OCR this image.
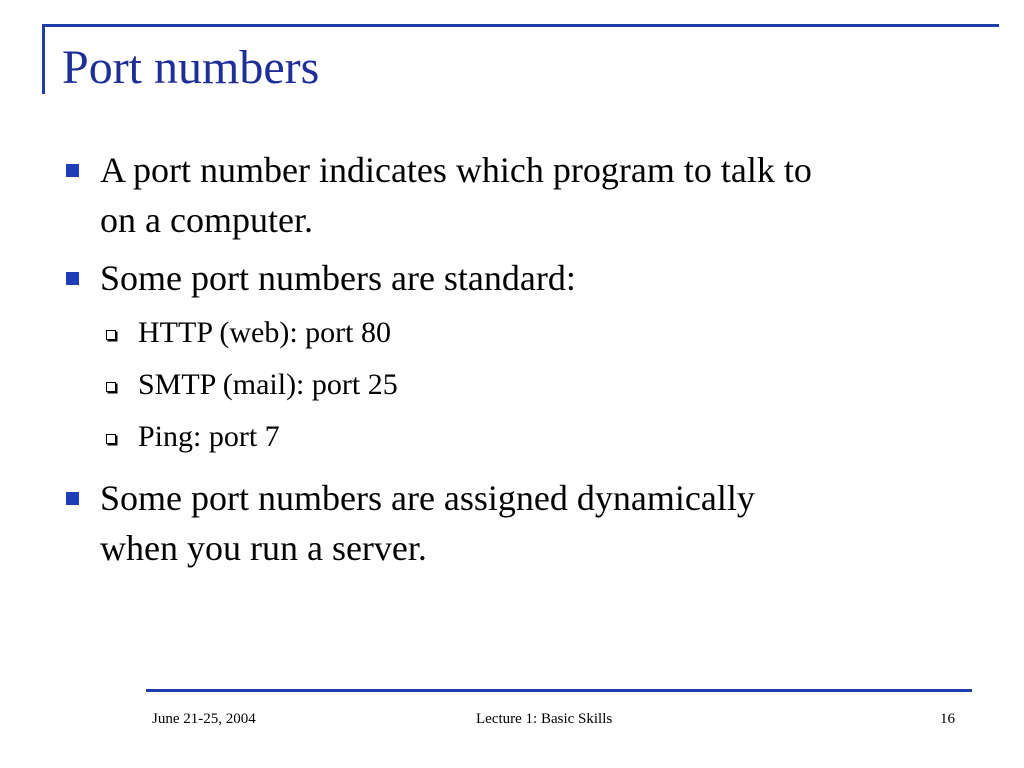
Port numbers
A port number indicates which program to talk to
on a computer.
Some port numbers are standard:
HTTP (web): port 80
SMTP (mail): port 25
Ping: port 7
Some port numbers are assigned dynamically
when you run a server.
June 21-25, 2004	Lecture 1: Basic Skills	16
